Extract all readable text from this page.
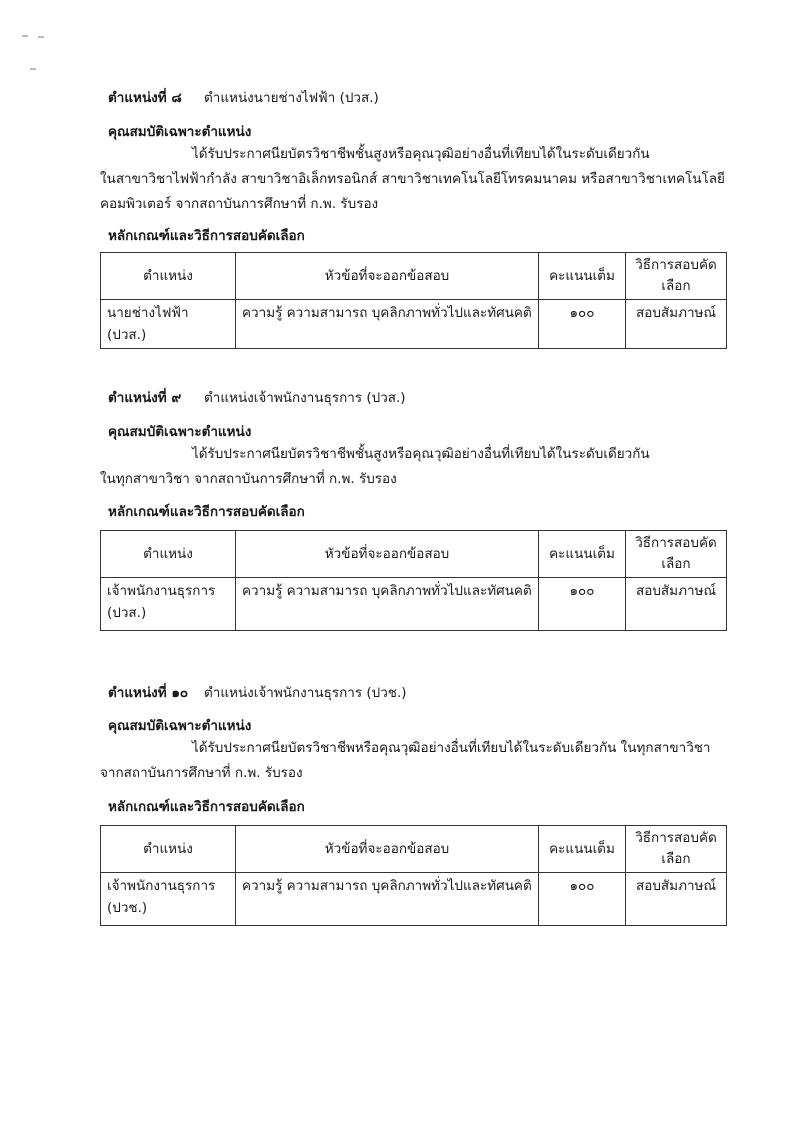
ตำแหน่งที่ ๘ ตำแหน่งนายช่างไฟฟ้า (ปวส.)
คุณสมบัติเฉพาะตำแหน่ง
ได้รับประกาศนียบัตรวิชาชีพชั้นสูงหรือคุณวุฒิอย่างอื่นที่เทียบได้ในระดับเดียวกัน
ในสาขาวิชาไฟฟ้ากำลัง สาขาวิชาอิเล็กทรอนิกส์ สาขาวิชาเทคโนโลยีโทรคมนาคม หรือสาขาวิชาเทคโนโลยี
คอมพิวเตอร์ จากสถาบันการศึกษาที่ ก.พ. รับรอง
หลักเกณฑ์และวิธีการสอบคัดเลือก
ตำแหน่ง	หัวข้อที่จะออกข้อสอบ	คะแนนเต็ม	วิธีการสอบคัดเลือก
นายช่างไฟฟ้า (ปวส.)	ความรู้ ความสามารถ บุคลิกภาพทั่วไปและทัศนคติ	๑๐๐	สอบสัมภาษณ์
ตำแหน่งที่ ๙ ตำแหน่งเจ้าพนักงานธุรการ (ปวส.)
คุณสมบัติเฉพาะตำแหน่ง
ได้รับประกาศนียบัตรวิชาชีพชั้นสูงหรือคุณวุฒิอย่างอื่นที่เทียบได้ในระดับเดียวกัน
ในทุกสาขาวิชา จากสถาบันการศึกษาที่ ก.พ. รับรอง
หลักเกณฑ์และวิธีการสอบคัดเลือก
ตำแหน่ง	หัวข้อที่จะออกข้อสอบ	คะแนนเต็ม	วิธีการสอบคัดเลือก
เจ้าพนักงานธุรการ (ปวส.)	ความรู้ ความสามารถ บุคลิกภาพทั่วไปและทัศนคติ	๑๐๐	สอบสัมภาษณ์
ตำแหน่งที่ ๑๐ ตำแหน่งเจ้าพนักงานธุรการ (ปวช.)
คุณสมบัติเฉพาะตำแหน่ง
ได้รับประกาศนียบัตรวิชาชีพหรือคุณวุฒิอย่างอื่นที่เทียบได้ในระดับเดียวกัน ในทุกสาขาวิชา
จากสถาบันการศึกษาที่ ก.พ. รับรอง
หลักเกณฑ์และวิธีการสอบคัดเลือก
ตำแหน่ง	หัวข้อที่จะออกข้อสอบ	คะแนนเต็ม	วิธีการสอบคัดเลือก
เจ้าพนักงานธุรการ (ปวช.)	ความรู้ ความสามารถ บุคลิกภาพทั่วไปและทัศนคติ	๑๐๐	สอบสัมภาษณ์
